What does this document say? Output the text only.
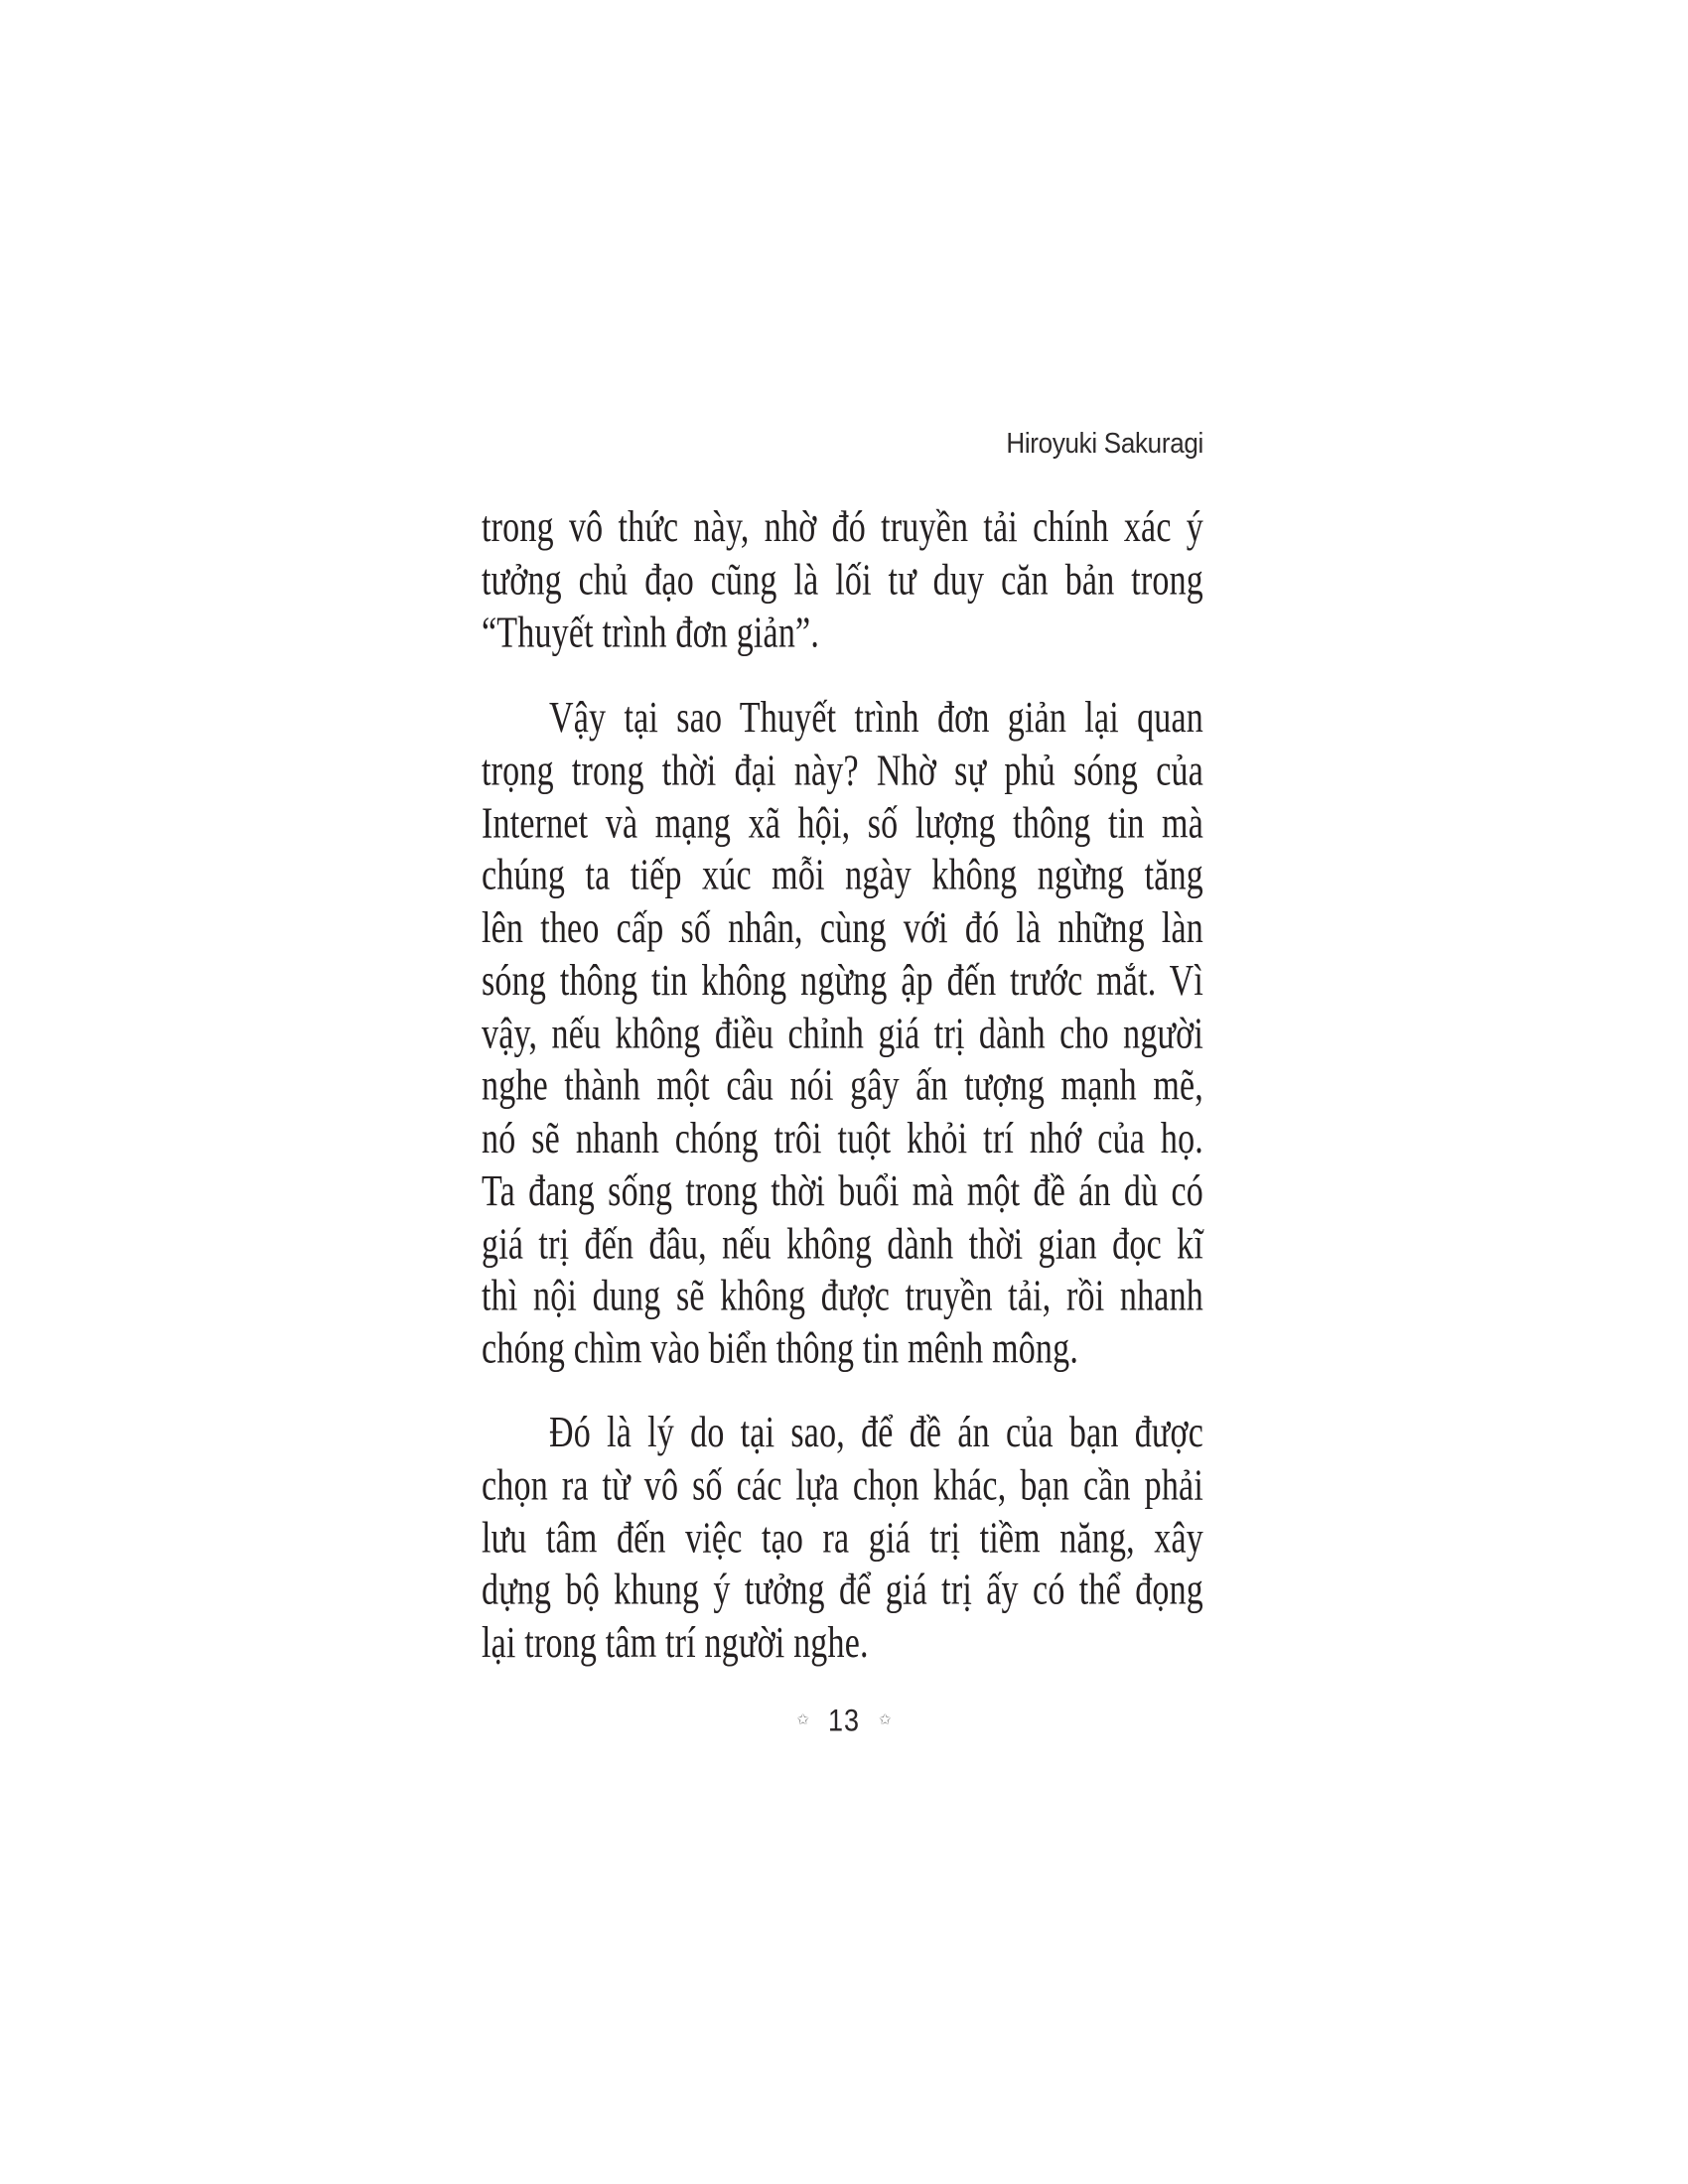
Hiroyuki Sakuragi
trong vô thức này, nhờ đó truyền tải chính xác ý
tưởng chủ đạo cũng là lối tư duy căn bản trong
“Thuyết trình đơn giản”.
Vậy tại sao Thuyết trình đơn giản lại quan
trọng trong thời đại này? Nhờ sự phủ sóng của
Internet và mạng xã hội, số lượng thông tin mà
chúng ta tiếp xúc mỗi ngày không ngừng tăng
lên theo cấp số nhân, cùng với đó là những làn
sóng thông tin không ngừng ập đến trước mắt. Vì
vậy, nếu không điều chỉnh giá trị dành cho người
nghe thành một câu nói gây ấn tượng mạnh mẽ,
nó sẽ nhanh chóng trôi tuột khỏi trí nhớ của họ.
Ta đang sống trong thời buổi mà một đề án dù có
giá trị đến đâu, nếu không dành thời gian đọc kĩ
thì nội dung sẽ không được truyền tải, rồi nhanh
chóng chìm vào biển thông tin mênh mông.
Đó là lý do tại sao, để đề án của bạn được
chọn ra từ vô số các lựa chọn khác, bạn cần phải
lưu tâm đến việc tạo ra giá trị tiềm năng, xây
dựng bộ khung ý tưởng để giá trị ấy có thể đọng
lại trong tâm trí người nghe.
✩ 13 ✩
